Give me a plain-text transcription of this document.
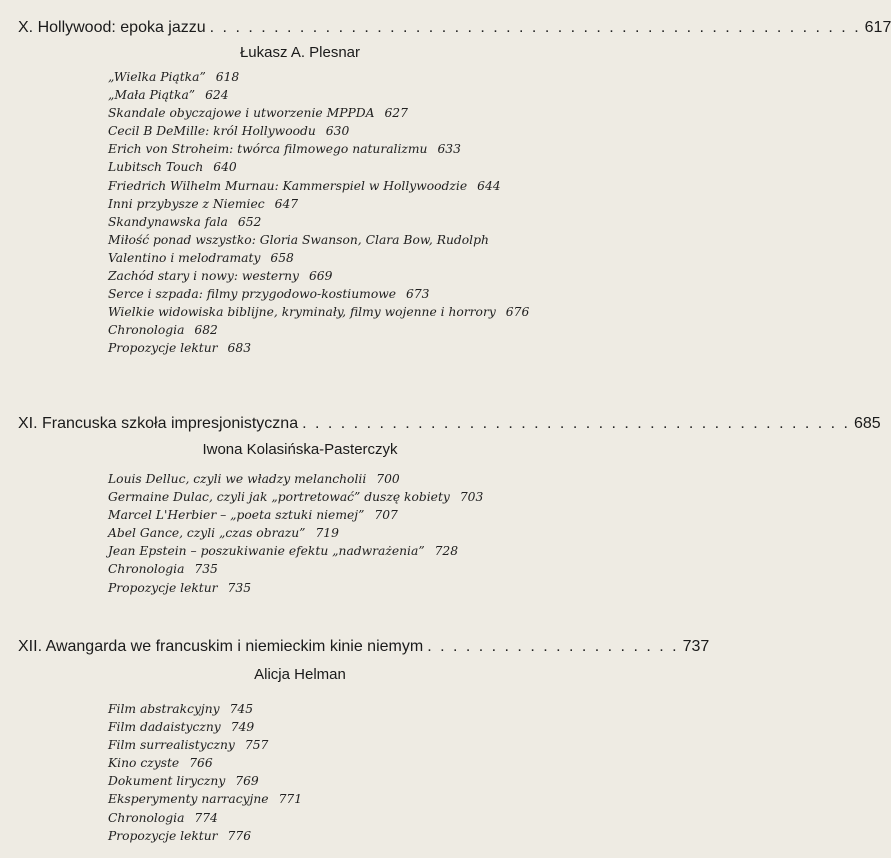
X. Hollywood: epoka jazzu . . . . . . . . . . . . . . . . . . . . . . . . . . . . . . . . . . . . . . . . . . . . . . . . . . . 617
Łukasz A. Plesnar
„Wielka Piątka” 618
„Mała Piątka” 624
Skandale obyczajowe i utworzenie MPPDA 627
Cecil B DeMille: król Hollywoodu 630
Erich von Stroheim: twórca filmowego naturalizmu 633
Lubitsch Touch 640
Friedrich Wilhelm Murnau: Kammerspiel w Hollywoodzie 644
Inni przybysze z Niemiec 647
Skandynawska fala 652
Miłość ponad wszystko: Gloria Swanson, Clara Bow, Rudolph Valentino i melodramaty 658
Zachód stary i nowy: westerny 669
Serce i szpada: filmy przygodowo-kostiumowe 673
Wielkie widowiska biblijne, kryminały, filmy wojenne i horrory 676
Chronologia 682
Propozycje lektur 683
XI. Francuska szkoła impresjonistyczna . . . . . . . . . . . . . . . . . . . . . . . . . . . . . . . . . . . . . . . . . . . 685
Iwona Kolasińska-Pasterczyk
Louis Delluc, czyli we władzy melancholii 700
Germaine Dulac, czyli jak „portretować” duszę kobiety 703
Marcel L'Herbier – „poeta sztuki niemej” 707
Abel Gance, czyli „czas obrazu” 719
Jean Epstein – poszukiwanie efektu „nadwrażenia” 728
Chronologia 735
Propozycje lektur 735
XII. Awangarda we francuskim i niemieckim kinie niemym . . . . . . . . . . . . . . . . . . . . 737
Alicja Helman
Film abstrakcyjny 745
Film dadaistyczny 749
Film surrealistyczny 757
Kino czyste 766
Dokument liryczny 769
Eksperymenty narracyjne 771
Chronologia 774
Propozycje lektur 776
